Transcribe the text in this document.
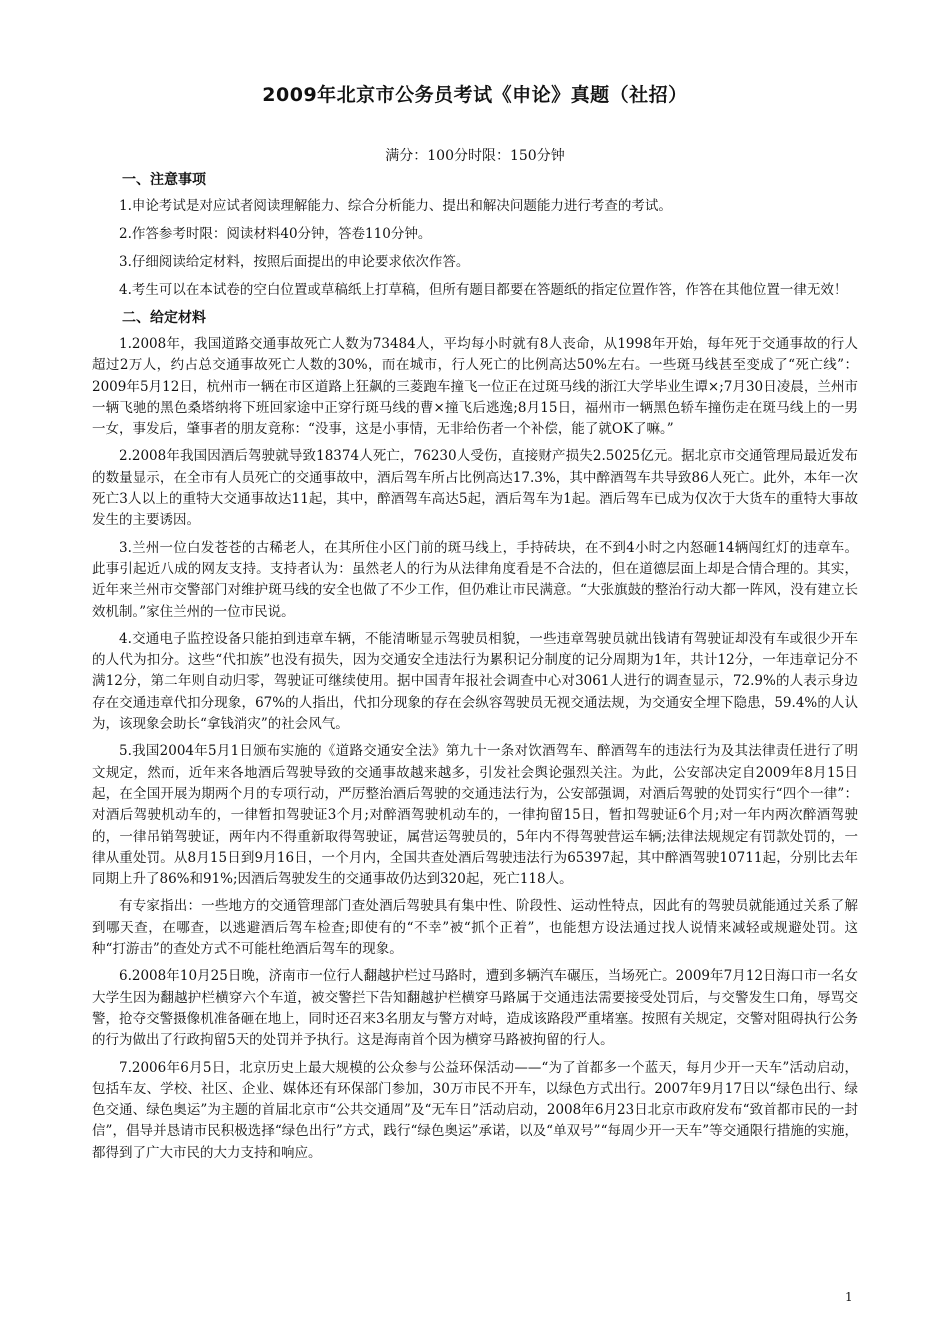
2009年北京市公务员考试《申论》真题（社招）
满分：100分时限：150分钟
一、注意事项

1.申论考试是对应试者阅读理解能力、综合分析能力、提出和解决问题能力进行考查的考试。

2.作答参考时限：阅读材料40分钟，答卷110分钟。

3.仔细阅读给定材料，按照后面提出的申论要求依次作答。

4.考生可以在本试卷的空白位置或草稿纸上打草稿，但所有题目都要在答题纸的指定位置作答，作答在其他位置一律无效！

二、给定材料

1.2008年，我国道路交通事故死亡人数为73484人，平均每小时就有8人丧命，从1998年开始，每年死于交通事故的行人超过2万人，约占总交通事故死亡人数的30%，而在城市，行人死亡的比例高达50%左右。一些斑马线甚至变成了“死亡线”：2009年5月12日，杭州市一辆在市区道路上狂飙的三菱跑车撞飞一位正在过斑马线的浙江大学毕业生谭×;7月30日凌晨，兰州市一辆飞驰的黑色桑塔纳将下班回家途中正穿行斑马线的曹×撞飞后逃逸;8月15日，福州市一辆黑色轿车撞伤走在斑马线上的一男一女，事发后，肇事者的朋友竟称：“没事，这是小事情，无非给伤者一个补偿，能了就OK了嘛。”

2.2008年我国因酒后驾驶就导致18374人死亡，76230人受伤，直接财产损失2.5025亿元。据北京市交通管理局最近发布的数量显示，在全市有人员死亡的交通事故中，酒后驾车所占比例高达17.3%，其中醉酒驾车共导致86人死亡。此外，本年一次死亡3人以上的重特大交通事故达11起，其中，醉酒驾车高达5起，酒后驾车为1起。酒后驾车已成为仅次于大货车的重特大事故发生的主要诱因。

3.兰州一位白发苍苍的古稀老人，在其所住小区门前的斑马线上，手持砖块，在不到4小时之内怒砸14辆闯红灯的违章车。此事引起近八成的网友支持。支持者认为：虽然老人的行为从法律角度看是不合法的，但在道德层面上却是合情合理的。其实，近年来兰州市交警部门对维护斑马线的安全也做了不少工作，但仍难让市民满意。“大张旗鼓的整治行动大都一阵风，没有建立长效机制。”家住兰州的一位市民说。

4.交通电子监控设备只能拍到违章车辆，不能清晰显示驾驶员相貌，一些违章驾驶员就出钱请有驾驶证却没有车或很少开车的人代为扣分。这些“代扣族”也没有损失，因为交通安全违法行为累积记分制度的记分周期为1年，共计12分，一年违章记分不满12分，第二年则自动归零，驾驶证可继续使用。据中国青年报社会调查中心对3061人进行的调查显示，72.9%的人表示身边存在交通违章代扣分现象，67%的人指出，代扣分现象的存在会纵容驾驶员无视交通法规，为交通安全埋下隐患，59.4%的人认为，该现象会助长“拿钱消灾”的社会风气。

5.我国2004年5月1日颁布实施的《道路交通安全法》第九十一条对饮酒驾车、醉酒驾车的违法行为及其法律责任进行了明文规定，然而，近年来各地酒后驾驶导致的交通事故越来越多，引发社会舆论强烈关注。为此，公安部决定自2009年8月15日起，在全国开展为期两个月的专项行动，严厉整治酒后驾驶的交通违法行为，公安部强调，对酒后驾驶的处罚实行“四个一律”：对酒后驾驶机动车的，一律暂扣驾驶证3个月;对醉酒驾驶机动车的，一律拘留15日，暂扣驾驶证6个月;对一年内两次醉酒驾驶的，一律吊销驾驶证，两年内不得重新取得驾驶证，属营运驾驶员的，5年内不得驾驶营运车辆;法律法规规定有罚款处罚的，一律从重处罚。从8月15日到9月16日，一个月内，全国共查处酒后驾驶违法行为65397起，其中醉酒驾驶10711起，分别比去年同期上升了86%和91%;因酒后驾驶发生的交通事故仍达到320起，死亡118人。

有专家指出：一些地方的交通管理部门查处酒后驾驶具有集中性、阶段性、运动性特点，因此有的驾驶员就能通过关系了解到哪天查，在哪查，以逃避酒后驾车检查;即使有的“不幸”被“抓个正着”，也能想方设法通过找人说情来减轻或规避处罚。这种“打游击”的查处方式不可能杜绝酒后驾车的现象。

6.2008年10月25日晚，济南市一位行人翻越护栏过马路时，遭到多辆汽车碾压，当场死亡。2009年7月12日海口市一名女大学生因为翻越护栏横穿六个车道，被交警拦下告知翻越护栏横穿马路属于交通违法需要接受处罚后，与交警发生口角，辱骂交警，抢夺交警摄像机准备砸在地上，同时还召来3名朋友与警方对峙，造成该路段严重堵塞。按照有关规定，交警对阻碍执行公务的行为做出了行政拘留5天的处罚并予执行。这是海南首个因为横穿马路被拘留的行人。

7.2006年6月5日，北京历史上最大规模的公众参与公益环保活动——“为了首都多一个蓝天，每月少开一天车”活动启动，包括车友、学校、社区、企业、媒体还有环保部门参加，30万市民不开车，以绿色方式出行。2007年9月17日以“绿色出行、绿色交通、绿色奥运”为主题的首届北京市“公共交通周”及“无车日”活动启动，2008年6月23日北京市政府发布“致首都市民的一封信”，倡导并恳请市民积极选择“绿色出行”方式，践行“绿色奥运”承诺，以及“单双号”“每周少开一天车”等交通限行措施的实施，都得到了广大市民的大力支持和响应。

1
